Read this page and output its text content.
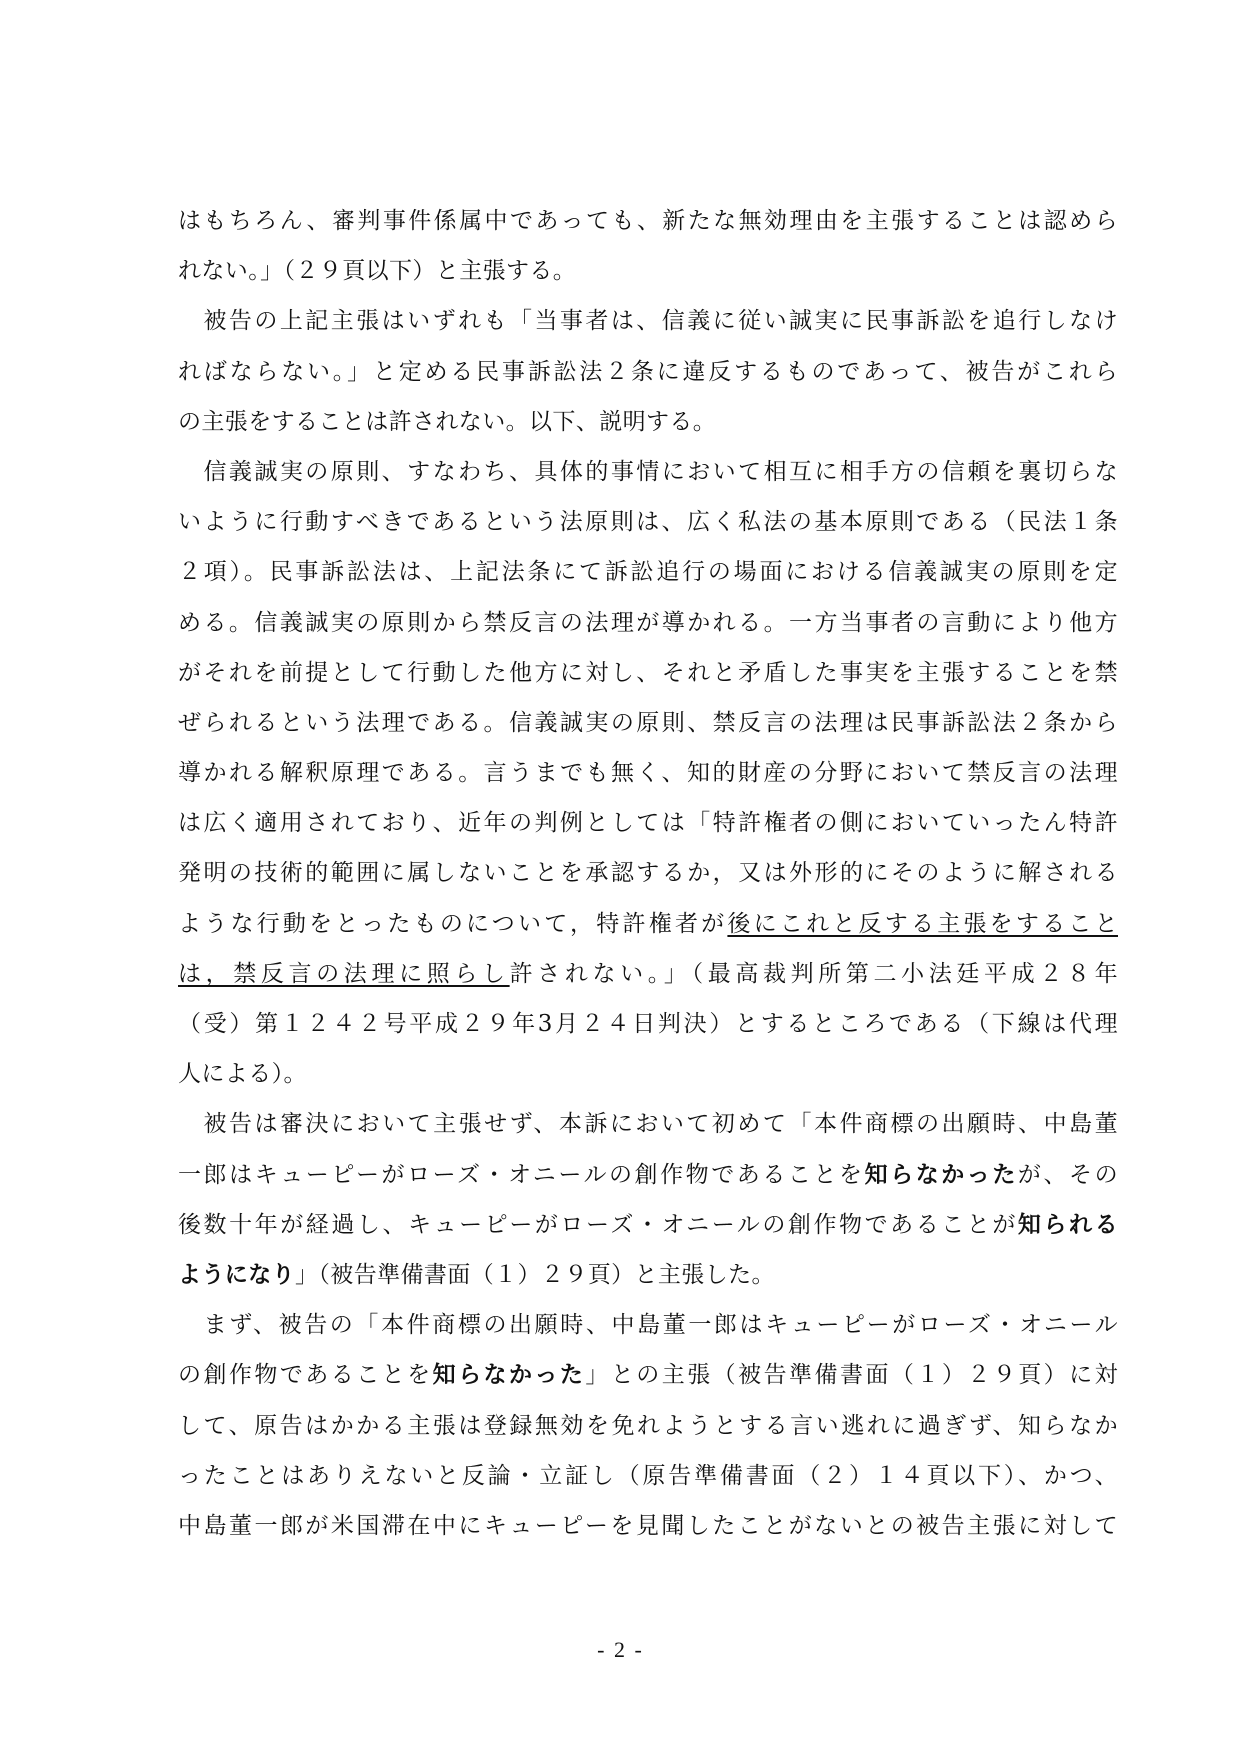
はもちろん、審判事件係属中であっても、新たな無効理由を主張することは認めら
れない。」（２９頁以下）と主張する。
　被告の上記主張はいずれも「当事者は、信義に従い誠実に民事訴訟を追行しなけ
ればならない。」と定める民事訴訟法２条に違反するものであって、被告がこれら
の主張をすることは許されない。以下、説明する。
　信義誠実の原則、すなわち、具体的事情において相互に相手方の信頼を裏切らな
いように行動すべきであるという法原則は、広く私法の基本原則である（民法１条
２項）。民事訴訟法は、上記法条にて訴訟追行の場面における信義誠実の原則を定
める。信義誠実の原則から禁反言の法理が導かれる。一方当事者の言動により他方
がそれを前提として行動した他方に対し、それと矛盾した事実を主張することを禁
ぜられるという法理である。信義誠実の原則、禁反言の法理は民事訴訟法２条から
導かれる解釈原理である。言うまでも無く、知的財産の分野において禁反言の法理
は広く適用されており、近年の判例としては「特許権者の側においていったん特許
発明の技術的範囲に属しないことを承認するか，又は外形的にそのように解される
ような行動をとったものについて，特許権者が後にこれと反する主張をすること
は，禁反言の法理に照らし許されない。」（最高裁判所第二小法廷平成２８年
（受）第１２４２号平成２９年3月２４日判決）とするところである（下線は代理
人による）。
　被告は審決において主張せず、本訴において初めて「本件商標の出願時、中島董
一郎はキューピーがローズ・オニールの創作物であることを知らなかったが、その
後数十年が経過し、キューピーがローズ・オニールの創作物であることが知られる
ようになり」（被告準備書面（１）２９頁）と主張した。
　まず、被告の「本件商標の出願時、中島董一郎はキューピーがローズ・オニール
の創作物であることを知らなかった」との主張（被告準備書面（１）２９頁）に対
して、原告はかかる主張は登録無効を免れようとする言い逃れに過ぎず、知らなか
ったことはありえないと反論・立証し（原告準備書面（２）１４頁以下）、かつ、
中島董一郎が米国滞在中にキューピーを見聞したことがないとの被告主張に対して
- 2 -
